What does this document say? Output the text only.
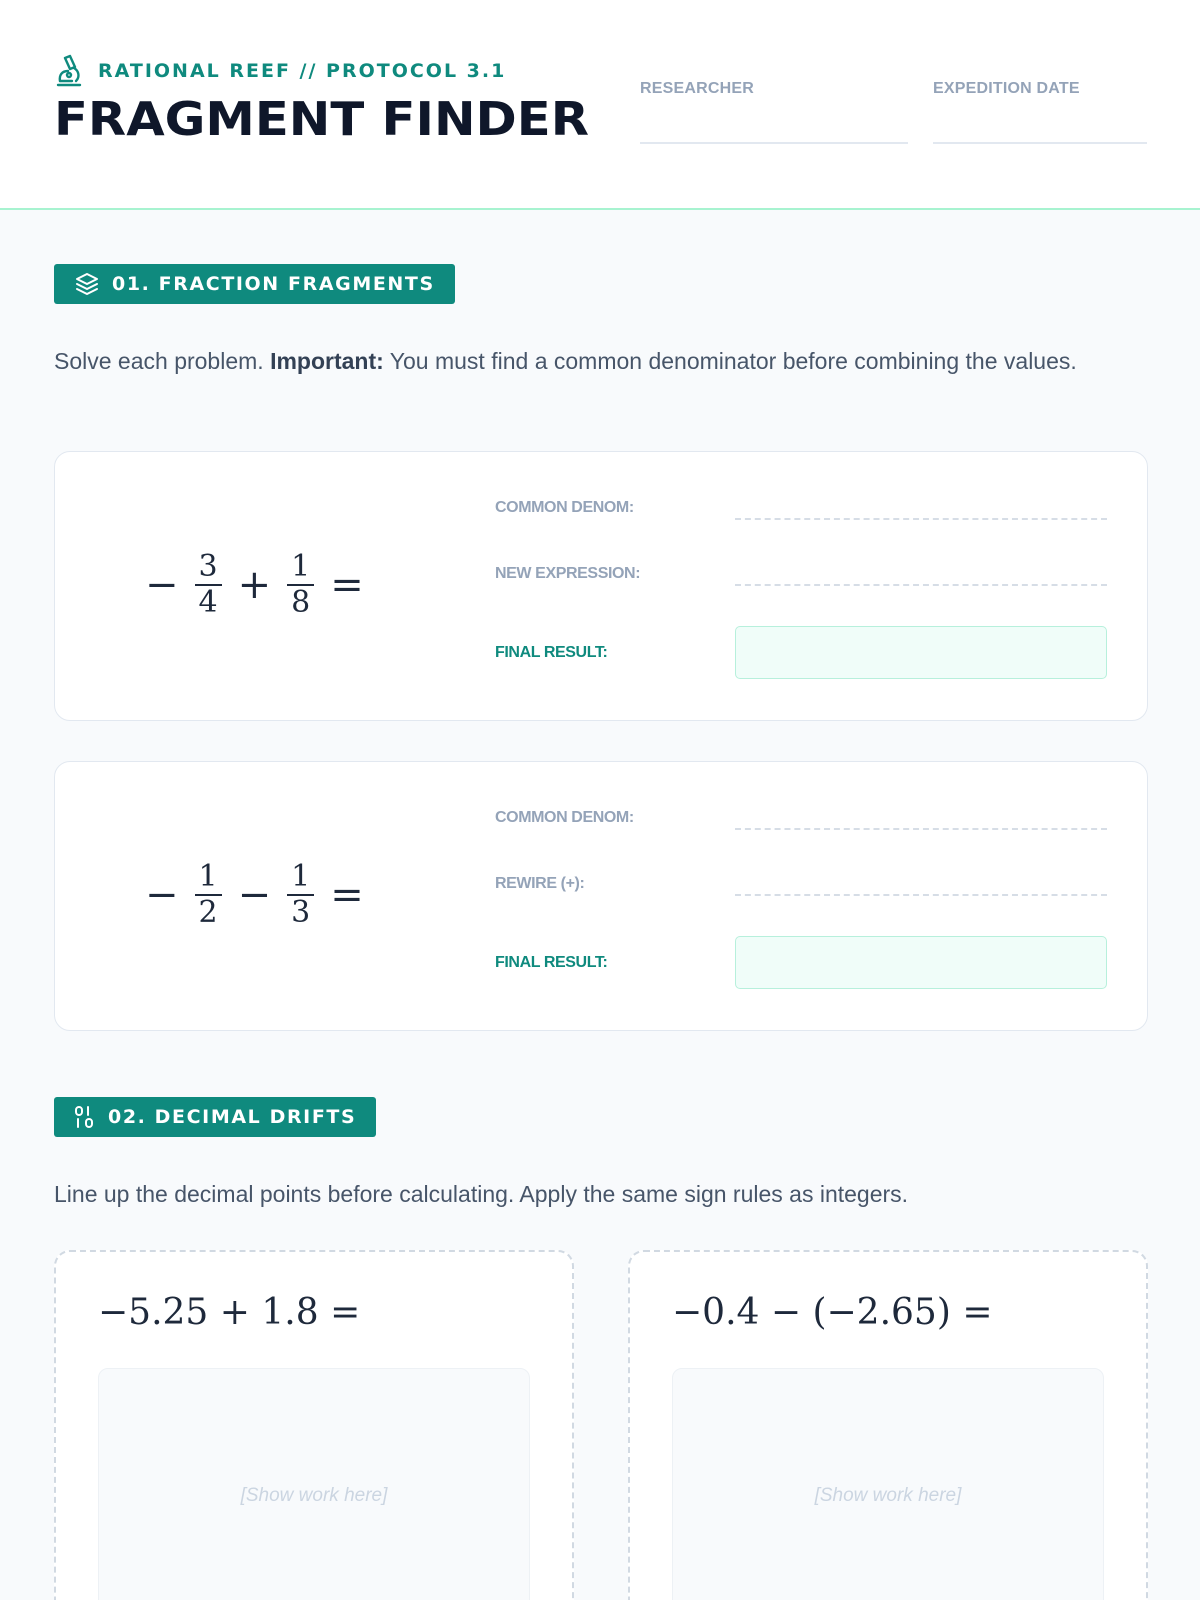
RATIONAL REEF // PROTOCOL 3.1
FRAGMENT FINDER
RESEARCHER	EXPEDITION DATE
01. FRACTION FRAGMENTS
Solve each problem. Important: You must find a common denominator before combining the values.
− $\frac{3}{4} + \frac{1}{8}$ =
COMMON DENOM:
NEW EXPRESSION:
FINAL RESULT:
− $\frac{1}{2} - \frac{1}{3}$ =
COMMON DENOM:
REWIRE (+):
FINAL RESULT:
02. DECIMAL DRIFTS
Line up the decimal points before calculating. Apply the same sign rules as integers.
−5.25 + 1.8 =
[Show work here]
−0.4 − (−2.65) =
[Show work here]
